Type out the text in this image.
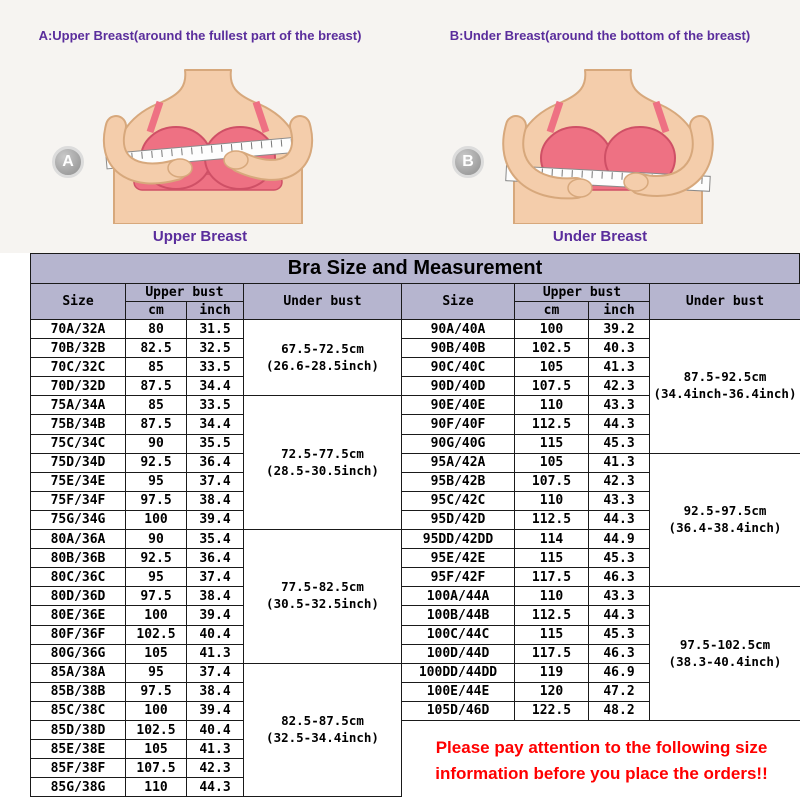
A:Upper Breast(around the fullest part of the breast)
A
Upper Breast
B:Under Breast(around the bottom of the breast)
B
Under Breast
Bra Size and Measurement
Size	Upper bust		Under bust
	cm	inch	
70A/32A	80	31.5	67.5-72.5cm
(26.6-28.5inch)

70B/32B	82.5	32.5	
70C/32C	85	33.5	
70D/32D	87.5	34.4	
75A/34A	85	33.5	72.5-77.5cm
(28.5-30.5inch)

75B/34B	87.5	34.4	
75C/34C	90	35.5	
75D/34D	92.5	36.4	
75E/34E	95	37.4	
75F/34F	97.5	38.4	
75G/34G	100	39.4	
80A/36A	90	35.4	77.5-82.5cm
(30.5-32.5inch)

80B/36B	92.5	36.4	
80C/36C	95	37.4	
80D/36D	97.5	38.4	
80E/36E	100	39.4	
80F/36F	102.5	40.4	
80G/36G	105	41.3	
85A/38A	95	37.4	82.5-87.5cm
(32.5-34.4inch)

85B/38B	97.5	38.4	
85C/38C	100	39.4	
85D/38D	102.5	40.4	
85E/38E	105	41.3	
85F/38F	107.5	42.3	
85G/38G	110	44.3	
Size	Upper bust		Under bust
	cm	inch	
90A/40A	100	39.2	87.5-92.5cm
(34.4inch-36.4inch)

90B/40B	102.5	40.3	
90C/40C	105	41.3	
90D/40D	107.5	42.3	
90E/40E	110	43.3	
90F/40F	112.5	44.3	
90G/40G	115	45.3	
95A/42A	105	41.3	92.5-97.5cm
(36.4-38.4inch)

95B/42B	107.5	42.3	
95C/42C	110	43.3	
95D/42D	112.5	44.3	
95DD/42DD	114	44.9	
95E/42E	115	45.3	
95F/42F	117.5	46.3	
100A/44A	110	43.3	97.5-102.5cm
(38.3-40.4inch)

100B/44B	112.5	44.3	
100C/44C	115	45.3	
100D/44D	117.5	46.3	
100DD/44DD	119	46.9	
100E/44E	120	47.2	
105D/46D	122.5	48.2	
Please pay attention to the following size information before you place the orders!!
